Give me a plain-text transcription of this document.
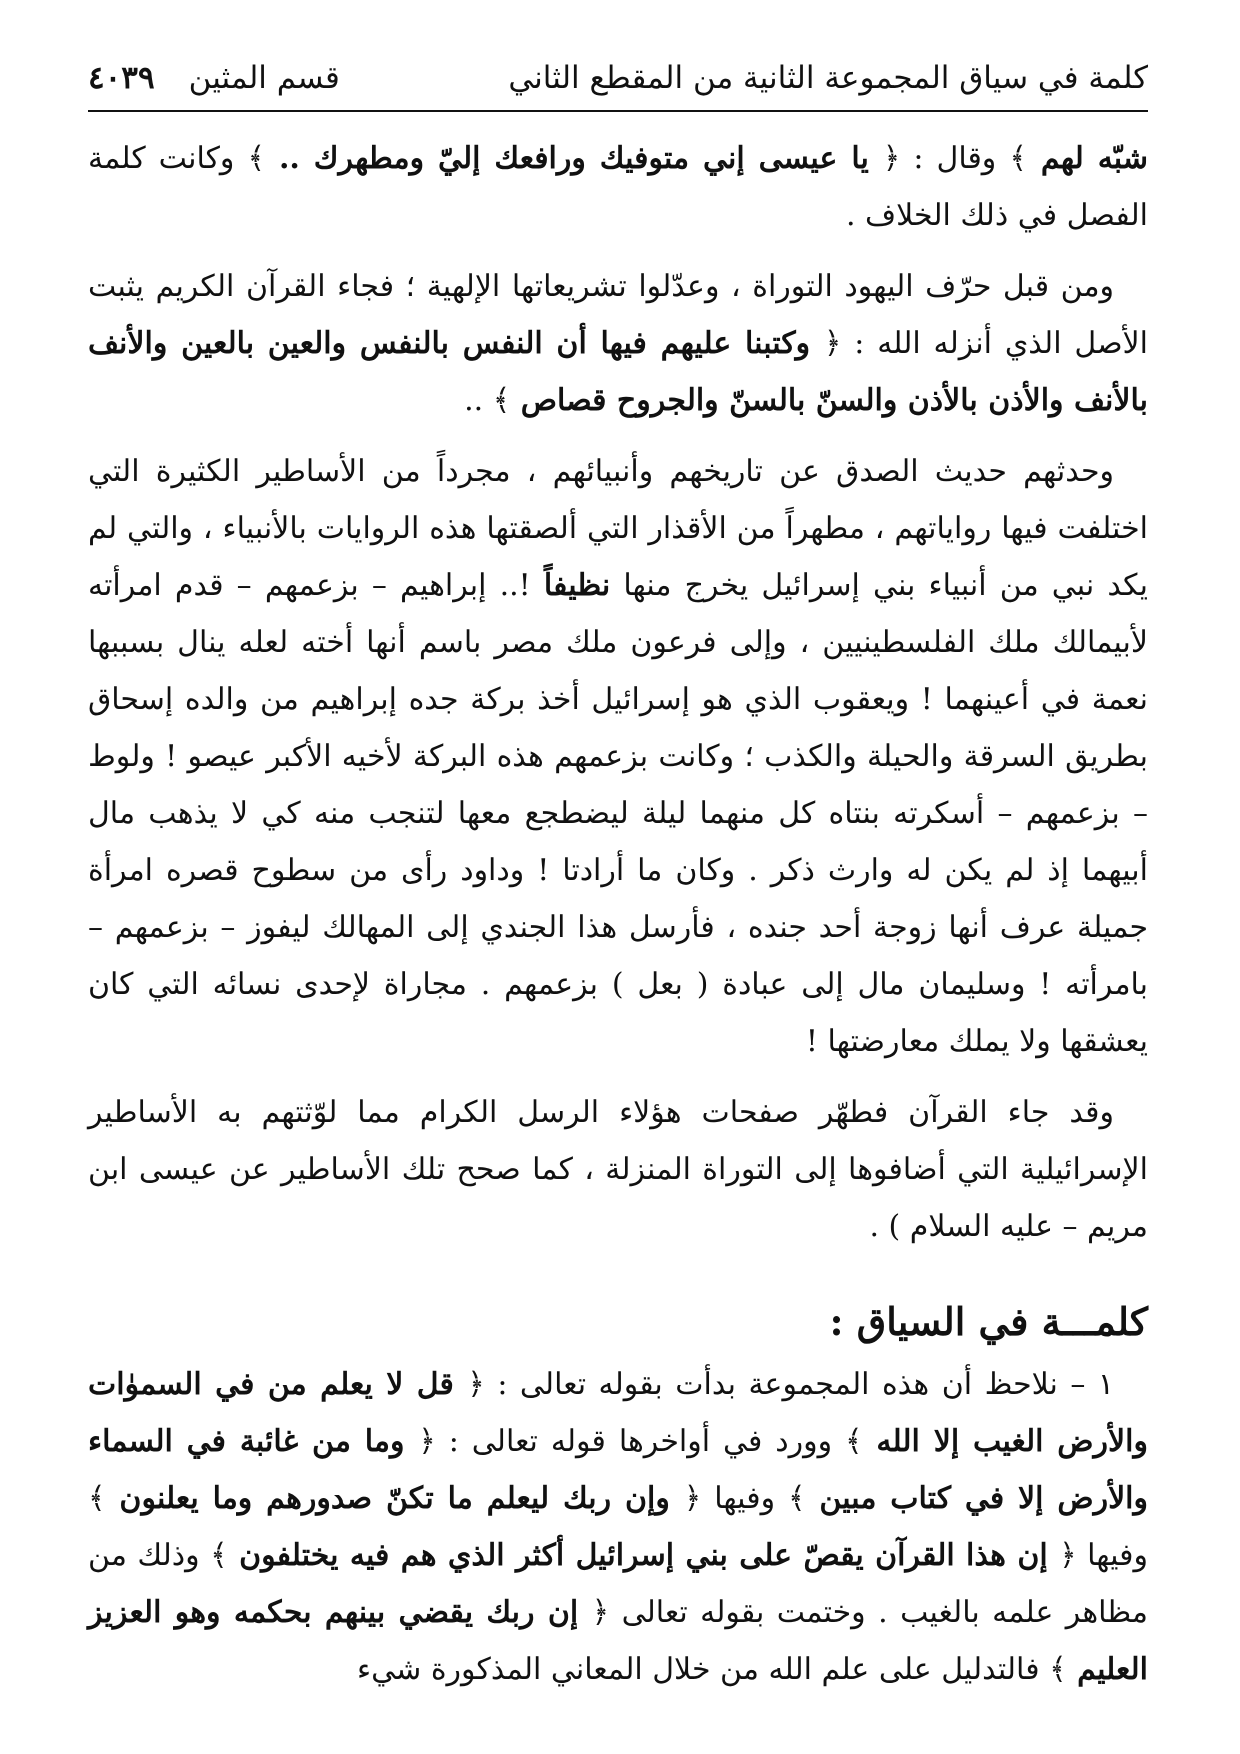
كلمة في سياق المجموعة الثانية من المقطع الثاني
قسم المثين
٤٠٣٩

شبّه لهم ﴾ وقال : ﴿ يا عيسى إني متوفيك ورافعك إليّ ومطهرك .. ﴾ وكانت كلمة الفصل في ذلك الخلاف .

ومن قبل حرّف اليهود التوراة ، وعدّلوا تشريعاتها الإلهية ؛ فجاء القرآن الكريم يثبت الأصل الذي أنزله الله : ﴿ وكتبنا عليهم فيها أن النفس بالنفس والعين بالعين والأنف بالأنف والأذن بالأذن والسنّ بالسنّ والجروح قصاص ﴾ ..

وحدثهم حديث الصدق عن تاريخهم وأنبيائهم ، مجرداً من الأساطير الكثيرة التي اختلفت فيها رواياتهم ، مطهراً من الأقذار التي ألصقتها هذه الروايات بالأنبياء ، والتي لم يكد نبي من أنبياء بني إسرائيل يخرج منها نظيفاً !.. إبراهيم – بزعمهم – قدم امرأته لأبيمالك ملك الفلسطينيين ، وإلى فرعون ملك مصر باسم أنها أخته لعله ينال بسببها نعمة في أعينهما ! ويعقوب الذي هو إسرائيل أخذ بركة جده إبراهيم من والده إسحاق بطريق السرقة والحيلة والكذب ؛ وكانت بزعمهم هذه البركة لأخيه الأكبر عيصو ! ولوط – بزعمهم – أسكرته بنتاه كل منهما ليلة ليضطجع معها لتنجب منه كي لا يذهب مال أبيهما إذ لم يكن له وارث ذكر . وكان ما أرادتا ! وداود رأى من سطوح قصره امرأة جميلة عرف أنها زوجة أحد جنده ، فأرسل هذا الجندي إلى المهالك ليفوز – بزعمهم – بامرأته ! وسليمان مال إلى عبادة ( بعل ) بزعمهم . مجاراة لإحدى نسائه التي كان يعشقها ولا يملك معارضتها !

وقد جاء القرآن فطهّر صفحات هؤلاء الرسل الكرام مما لوّثتهم به الأساطير الإسرائيلية التي أضافوها إلى التوراة المنزلة ، كما صحح تلك الأساطير عن عيسى ابن مريم – عليه السلام ) .

كلمـــة في السياق :

١ – نلاحظ أن هذه المجموعة بدأت بقوله تعالى : ﴿ قل لا يعلم من في السموٰات والأرض الغيب إلا الله ﴾ وورد في أواخرها قوله تعالى : ﴿ وما من غائبة في السماء والأرض إلا في كتاب مبين ﴾ وفيها ﴿ وإن ربك ليعلم ما تكنّ صدورهم وما يعلنون ﴾ وفيها ﴿ إن هذا القرآن يقصّ على بني إسرائيل أكثر الذي هم فيه يختلفون ﴾ وذلك من مظاهر علمه بالغيب . وختمت بقوله تعالى ﴿ إن ربك يقضي بينهم بحكمه وهو العزيز العليم ﴾ فالتدليل على علم الله من خلال المعاني المذكورة شيء
